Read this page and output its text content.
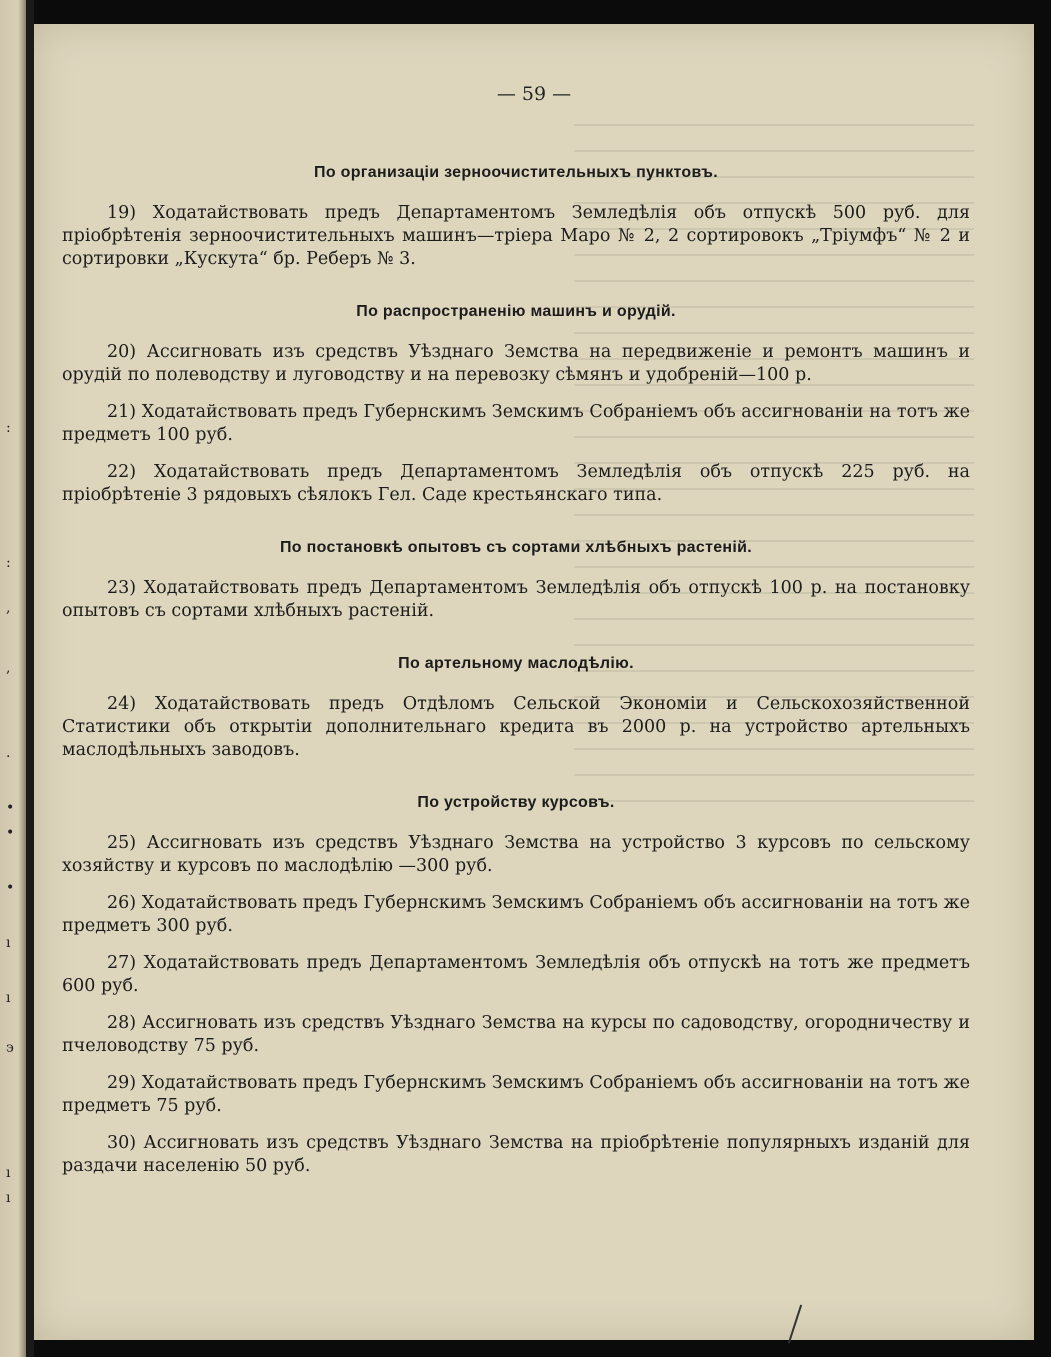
:
:
,
,
.
•
•
•
ı
ı
э
ı
ı
— 59 —
По организаціи зерноочистительныхъ пунктовъ.

19) Ходатайствовать предъ Департаментомъ Земледѣлія объ отпускѣ 500 руб. для пріобрѣтенія зерноочистительныхъ машинъ—тріера Маро № 2, 2 сортировокъ „Тріумфъ“ № 2 и сортировки „Кускута“ бр. Реберъ № 3.

По распространенію машинъ и орудій.

20) Ассигновать изъ средствъ Уѣзднаго Земства на передвиженіе и ремонтъ машинъ и орудій по полеводству и луговодству и на перевозку сѣмянъ и удобреній—100 р.

21) Ходатайствовать предъ Губернскимъ Земскимъ Собраніемъ объ ассигнованіи на тотъ же предметъ 100 руб.

22) Ходатайствовать предъ Департаментомъ Земледѣлія объ отпускѣ 225 руб. на пріобрѣтеніе 3 рядовыхъ сѣялокъ Гел. Саде крестьянскаго типа.

По постановкѣ опытовъ съ сортами хлѣбныхъ растеній.

23) Ходатайствовать предъ Департаментомъ Земледѣлія объ отпускѣ 100 р. на постановку опытовъ съ сортами хлѣбныхъ растеній.

По артельному маслодѣлію.

24) Ходатайствовать предъ Отдѣломъ Сельской Экономіи и Сельскохозяйственной Статистики объ открытіи дополнительнаго кредита въ 2000 р. на устройство артельныхъ маслодѣльныхъ заводовъ.

По устройству курсовъ.

25) Ассигновать изъ средствъ Уѣзднаго Земства на устройство 3 курсовъ по сельскому хозяйству и курсовъ по маслодѣлію —300 руб.

26) Ходатайствовать предъ Губернскимъ Земскимъ Собраніемъ объ ассигнованіи на тотъ же предметъ 300 руб.

27) Ходатайствовать предъ Департаментомъ Земледѣлія объ отпускѣ на тотъ же предметъ 600 руб.

28) Ассигновать изъ средствъ Уѣзднаго Земства на курсы по садоводству, огородничеству и пчеловодству 75 руб.

29) Ходатайствовать предъ Губернскимъ Земскимъ Собраніемъ объ ассигнованіи на тотъ же предметъ 75 руб.

30) Ассигновать изъ средствъ Уѣзднаго Земства на пріобрѣтеніе популярныхъ изданій для раздачи населенію 50 руб.
